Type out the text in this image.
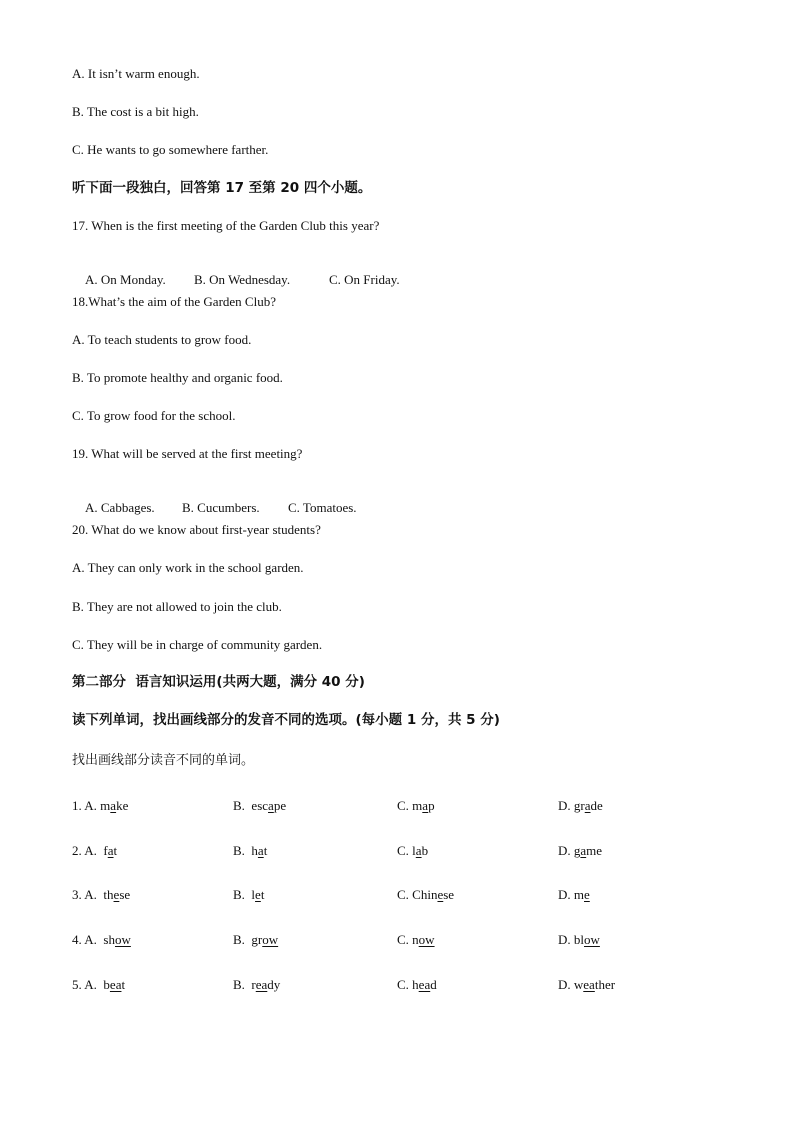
A. It isn’t warm enough.
B. The cost is a bit high.
C. He wants to go somewhere farther.
听下面一段独白，回答第 17 至第 20 四个小题。
17. When is the first meeting of the Garden Club this year?

A. On Monday. B. On Wednesday.	C. On Friday.

18.What’s the aim of the Garden Club?
A. To teach students to grow food.
B. To promote healthy and organic food.
C. To grow food for the school.
19. What will be served at the first meeting?

A. Cabbages. B. Cucumbers. C. Tomatoes.

20. What do we know about first-year students?
A. They can only work in the school garden.
B. They are not allowed to join the club.
C. They will be in charge of community garden.
第二部分  语言知识运用(共两大题，满分 40 分)
读下列单词，找出画线部分的发音不同的选项。(每小题 1 分，共 5 分)
找出画线部分读音不同的单词。
1. A. make	B.  escape	C. map	D. grade
2. A.  fat	B.  hat	C. lab	D. game
3. A.  these	B.  let	C. Chinese	D. me
4. A.  show	B.  grow	C. now	D. blow
5. A.  beat	B.  ready	C. head	D. weather
